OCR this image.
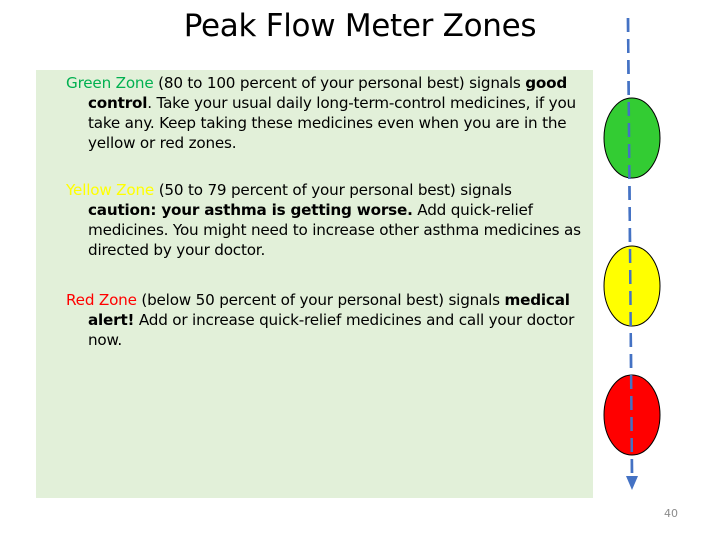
Peak Flow Meter Zones
Green Zone (80 to 100 percent of your personal best) signals good control. Take your usual daily long-term-control medicines, if you take any. Keep taking these medicines even when you are in the yellow or red zones.
Yellow Zone (50 to 79 percent of your personal best) signals caution: your asthma is getting worse. Add quick-relief medicines. You might need to increase other asthma medicines as directed by your doctor.
Red Zone (below 50 percent of your personal best) signals medical alert! Add or increase quick-relief medicines and call your doctor now.
40
